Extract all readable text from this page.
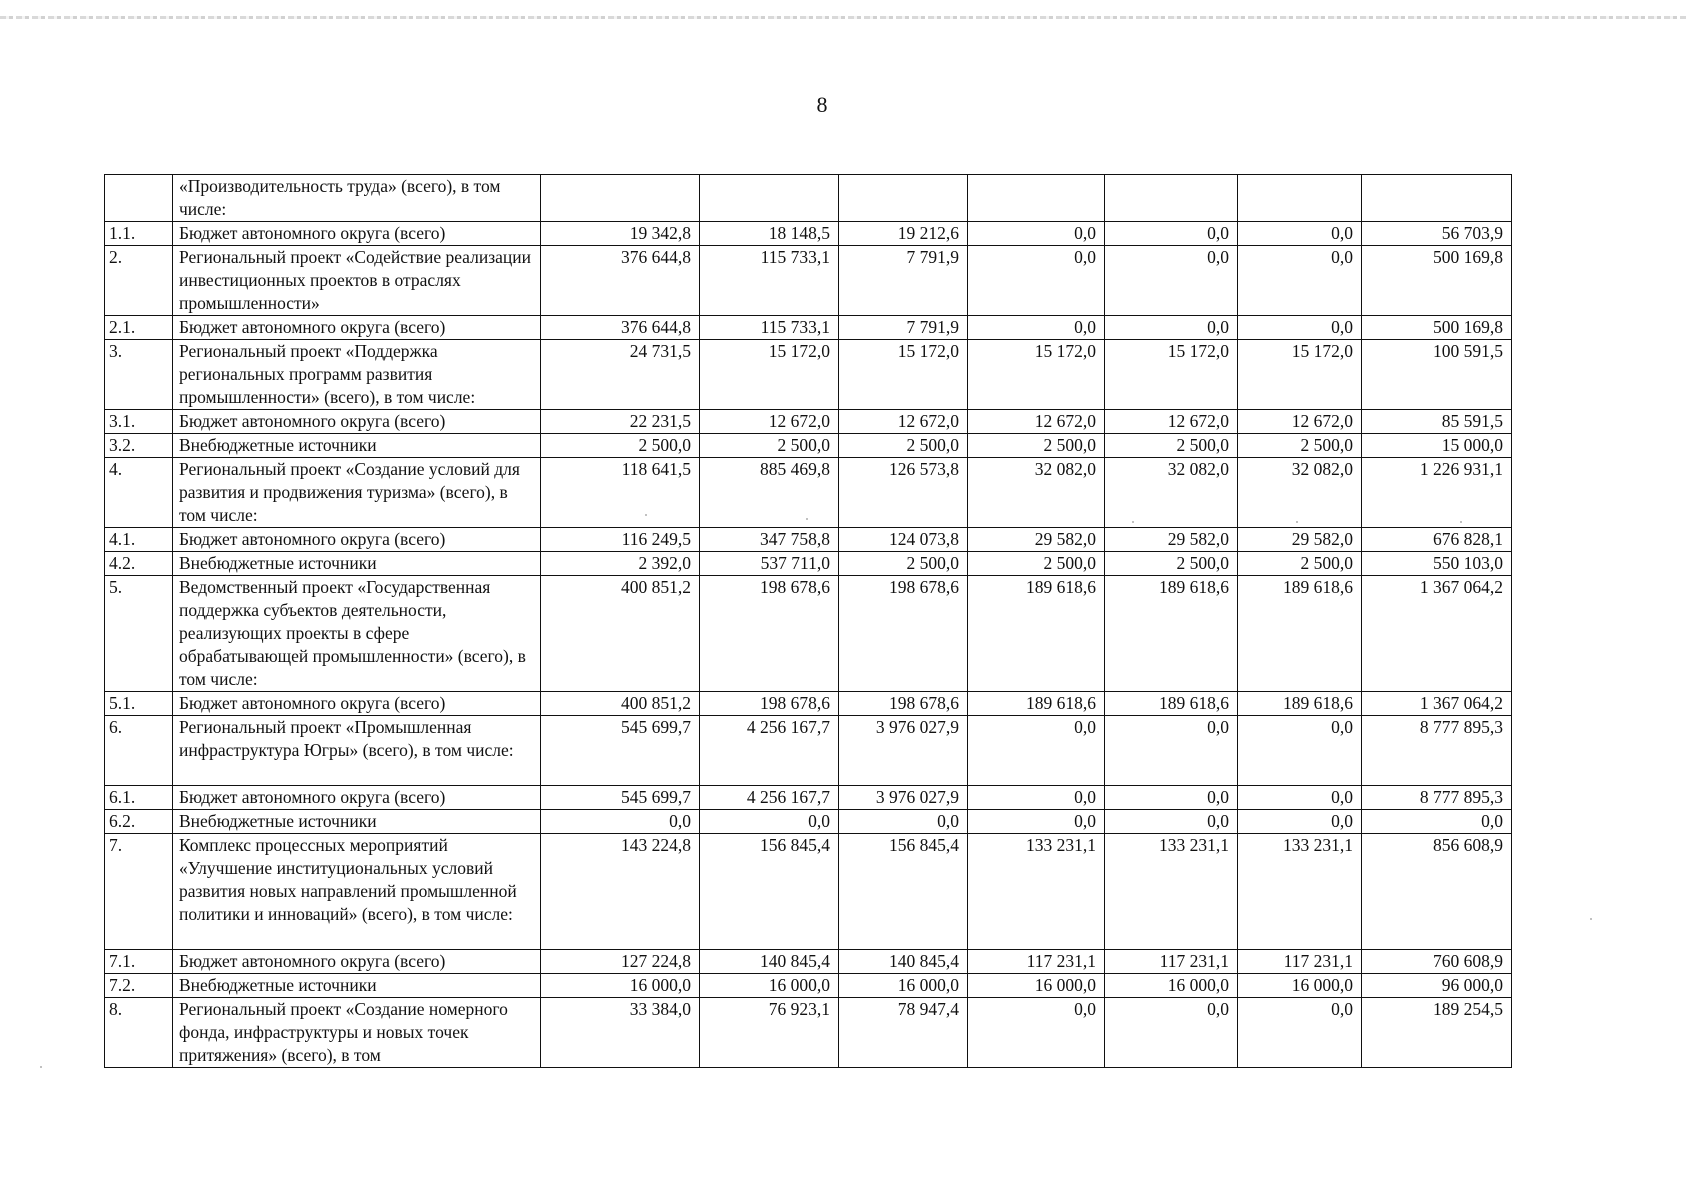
8
	«Производительность труда» (всего), в том числе:							
1.1.	Бюджет автономного округа (всего)	19 342,8	18 148,5	19 212,6	0,0	0,0	0,0	56 703,9
2.	Региональный проект «Содействие реализации инвестиционных проектов в отраслях промышленности»	376 644,8	115 733,1	7 791,9	0,0	0,0	0,0	500 169,8
2.1.	Бюджет автономного округа (всего)	376 644,8	115 733,1	7 791,9	0,0	0,0	0,0	500 169,8
3.	Региональный проект «Поддержка региональных программ развития промышленности» (всего), в том числе:	24 731,5	15 172,0	15 172,0	15 172,0	15 172,0	15 172,0	100 591,5
3.1.	Бюджет автономного округа (всего)	22 231,5	12 672,0	12 672,0	12 672,0	12 672,0	12 672,0	85 591,5
3.2.	Внебюджетные источники	2 500,0	2 500,0	2 500,0	2 500,0	2 500,0	2 500,0	15 000,0
4.	Региональный проект «Создание условий для развития и продвижения туризма» (всего), в том числе:	118 641,5	885 469,8	126 573,8	32 082,0	32 082,0	32 082,0	1 226 931,1
4.1.	Бюджет автономного округа (всего)	116 249,5	347 758,8	124 073,8	29 582,0	29 582,0	29 582,0	676 828,1
4.2.	Внебюджетные источники	2 392,0	537 711,0	2 500,0	2 500,0	2 500,0	2 500,0	550 103,0
5.	Ведомственный проект «Государственная поддержка субъектов деятельности, реализующих проекты в сфере обрабатывающей промышленности» (всего), в том числе:	400 851,2	198 678,6	198 678,6	189 618,6	189 618,6	189 618,6	1 367 064,2
5.1.	Бюджет автономного округа (всего)	400 851,2	198 678,6	198 678,6	189 618,6	189 618,6	189 618,6	1 367 064,2
6.	Региональный проект «Промышленная инфраструктура Югры» (всего), в том числе:	545 699,7	4 256 167,7	3 976 027,9	0,0	0,0	0,0	8 777 895,3
6.1.	Бюджет автономного округа (всего)	545 699,7	4 256 167,7	3 976 027,9	0,0	0,0	0,0	8 777 895,3
6.2.	Внебюджетные источники	0,0	0,0	0,0	0,0	0,0	0,0	0,0
7.	Комплекс процессных мероприятий «Улучшение институциональных условий развития новых направлений промышленной политики и инноваций» (всего), в том числе:	143 224,8	156 845,4	156 845,4	133 231,1	133 231,1	133 231,1	856 608,9
7.1.	Бюджет автономного округа (всего)	127 224,8	140 845,4	140 845,4	117 231,1	117 231,1	117 231,1	760 608,9
7.2.	Внебюджетные источники	16 000,0	16 000,0	16 000,0	16 000,0	16 000,0	16 000,0	96 000,0
8.	Региональный проект «Создание номерного фонда, инфраструктуры и новых точек притяжения» (всего), в том	33 384,0	76 923,1	78 947,4	0,0	0,0	0,0	189 254,5
